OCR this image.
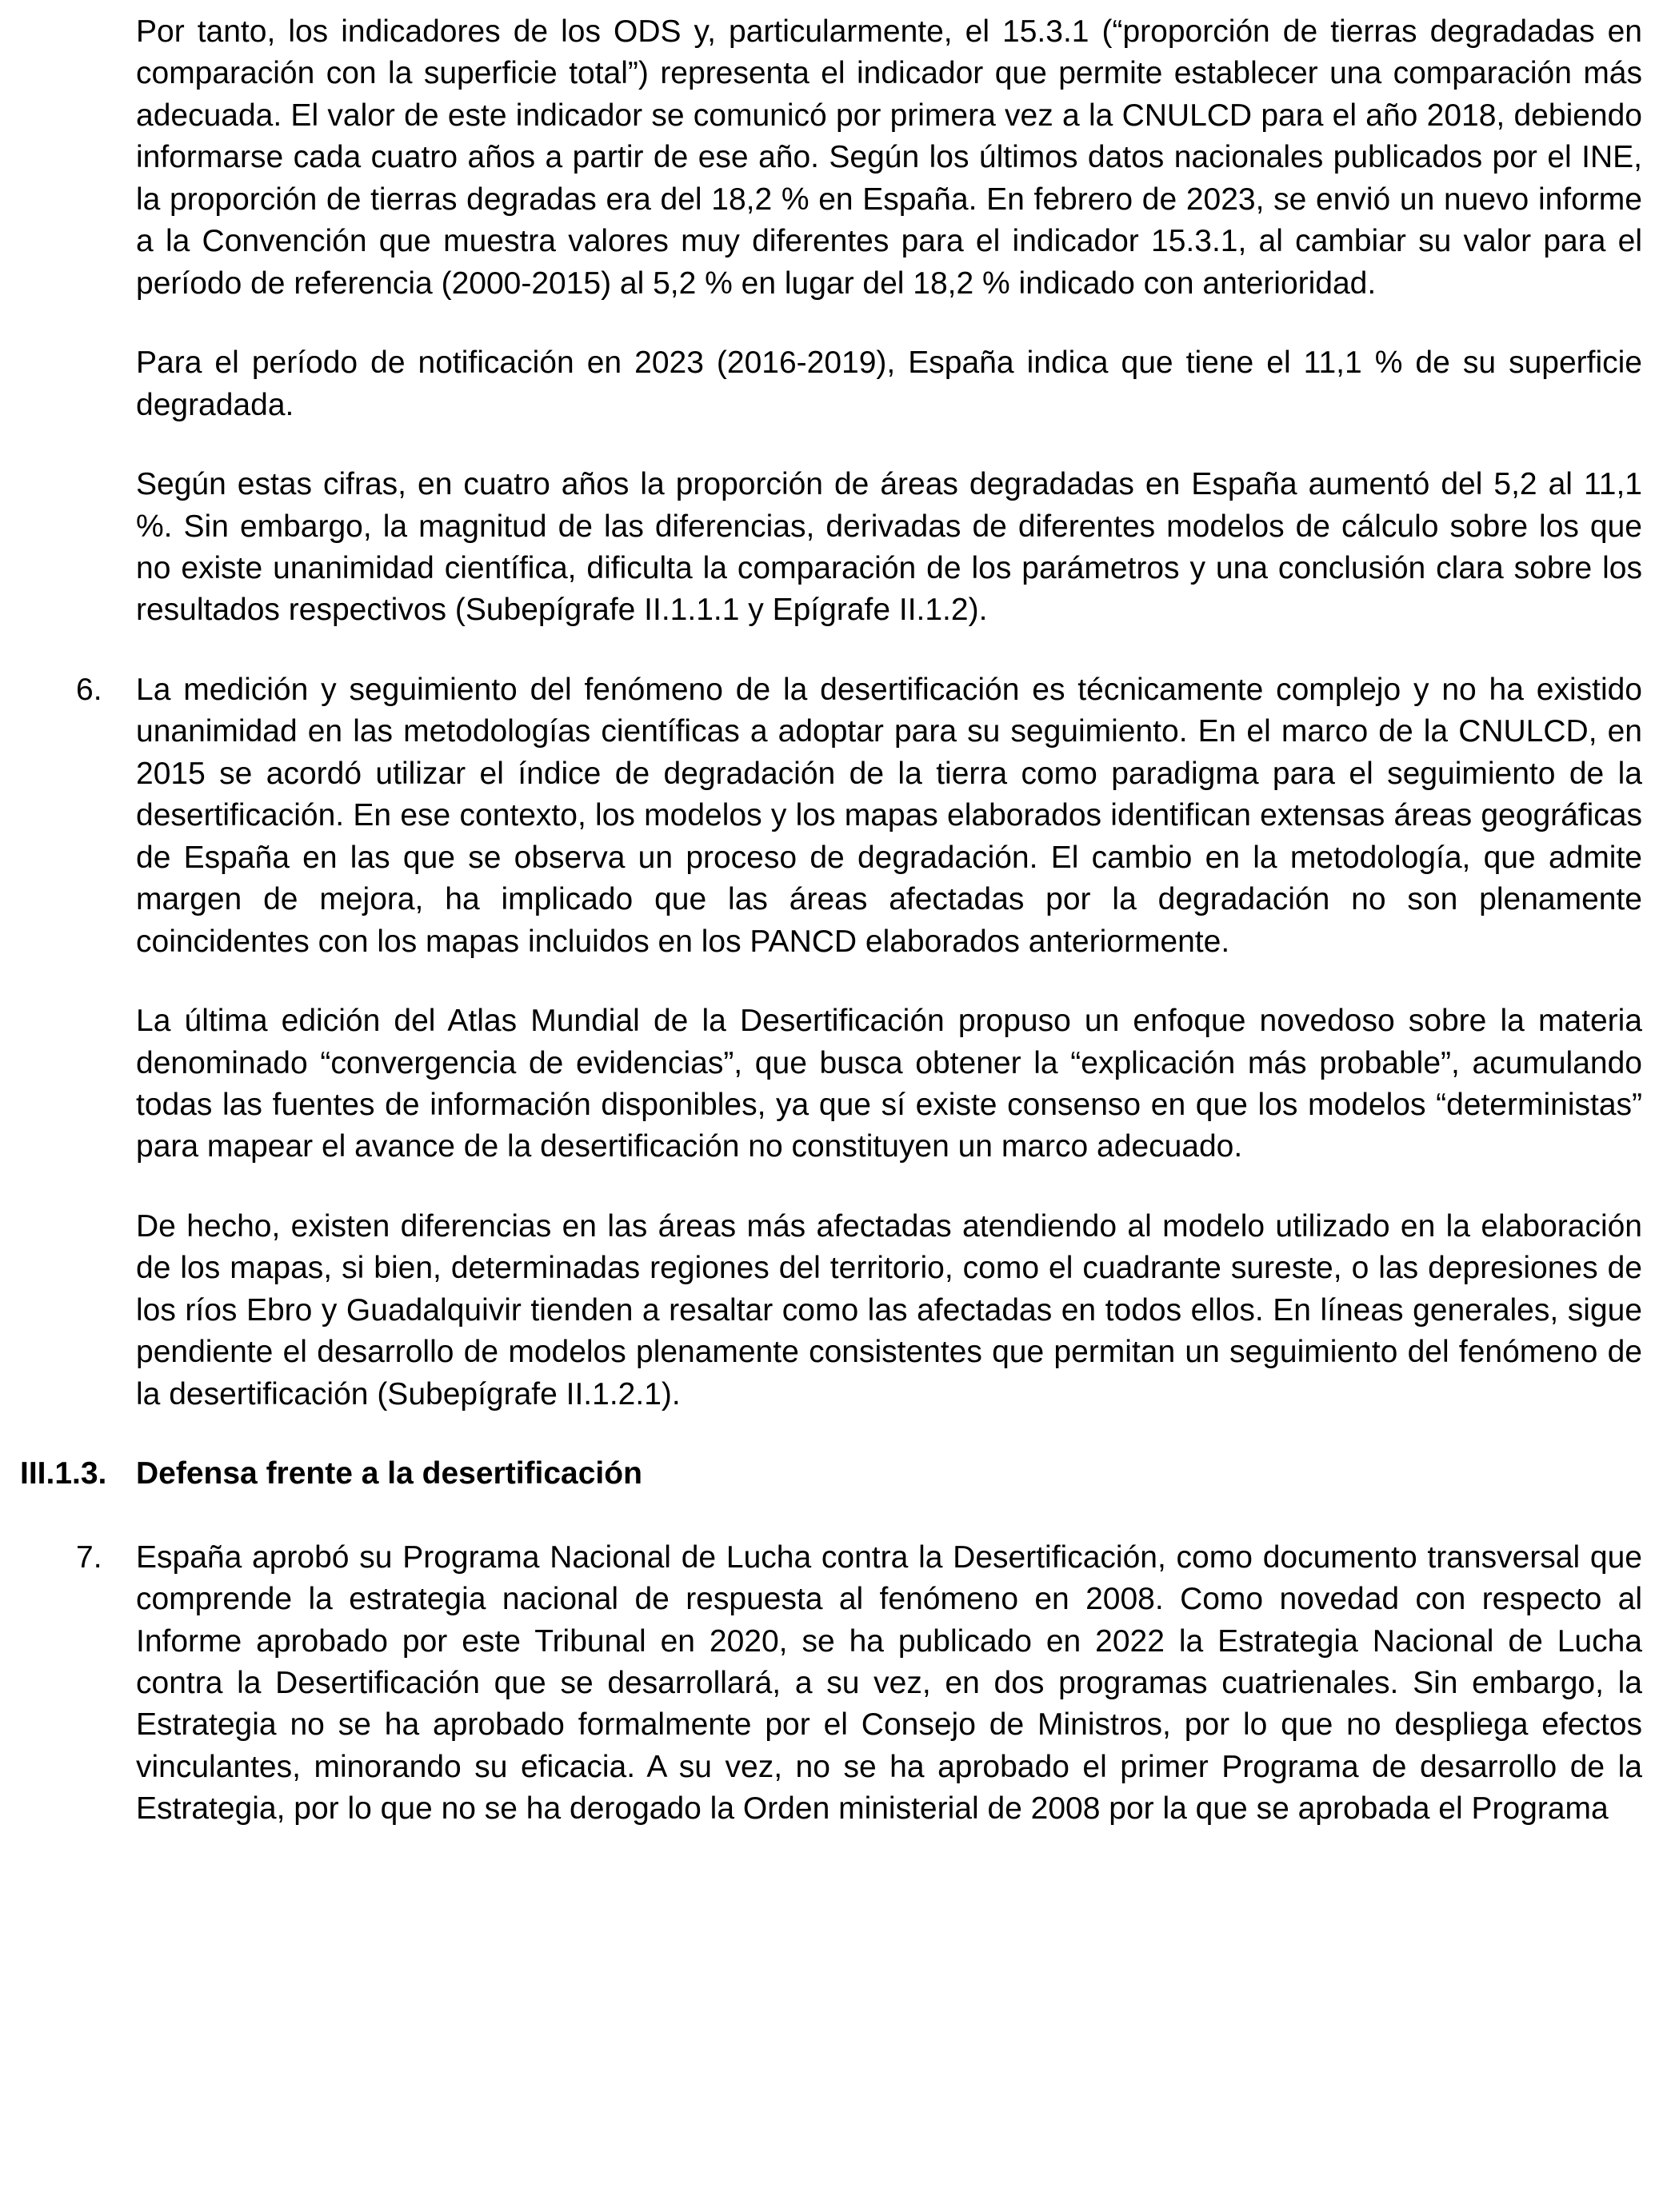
Por tanto, los indicadores de los ODS y, particularmente, el 15.3.1 (“proporción de tierras degradadas en comparación con la superficie total”) representa el indicador que permite establecer una comparación más adecuada. El valor de este indicador se comunicó por primera vez a la CNULCD para el año 2018, debiendo informarse cada cuatro años a partir de ese año. Según los últimos datos nacionales publicados por el INE, la proporción de tierras degradas era del 18,2 % en España. En febrero de 2023, se envió un nuevo informe a la Convención que muestra valores muy diferentes para el indicador 15.3.1, al cambiar su valor para el período de referencia (2000-2015) al 5,2 % en lugar del 18,2 % indicado con anterioridad.

Para el período de notificación en 2023 (2016-2019), España indica que tiene el 11,1 % de su superficie degradada.

Según estas cifras, en cuatro años la proporción de áreas degradadas en España aumentó del 5,2 al 11,1 %. Sin embargo, la magnitud de las diferencias, derivadas de diferentes modelos de cálculo sobre los que no existe unanimidad científica, dificulta la comparación de los parámetros y una conclusión clara sobre los resultados respectivos (Subepígrafe II.1.1.1 y Epígrafe II.1.2).

6.	La medición y seguimiento del fenómeno de la desertificación es técnicamente complejo y no ha existido unanimidad en las metodologías científicas a adoptar para su seguimiento. En el marco de la CNULCD, en 2015 se acordó utilizar el índice de degradación de la tierra como paradigma para el seguimiento de la desertificación. En ese contexto, los modelos y los mapas elaborados identifican extensas áreas geográficas de España en las que se observa un proceso de degradación. El cambio en la metodología, que admite margen de mejora, ha implicado que las áreas afectadas por la degradación no son plenamente coincidentes con los mapas incluidos en los PANCD elaborados anteriormente.

La última edición del Atlas Mundial de la Desertificación propuso un enfoque novedoso sobre la materia denominado “convergencia de evidencias”, que busca obtener la “explicación más probable”, acumulando todas las fuentes de información disponibles, ya que sí existe consenso en que los modelos “deterministas” para mapear el avance de la desertificación no constituyen un marco adecuado.

De hecho, existen diferencias en las áreas más afectadas atendiendo al modelo utilizado en la elaboración de los mapas, si bien, determinadas regiones del territorio, como el cuadrante sureste, o las depresiones de los ríos Ebro y Guadalquivir tienden a resaltar como las afectadas en todos ellos. En líneas generales, sigue pendiente el desarrollo de modelos plenamente consistentes que permitan un seguimiento del fenómeno de la desertificación (Subepígrafe II.1.2.1).

III.1.3. Defensa frente a la desertificación
7.	España aprobó su Programa Nacional de Lucha contra la Desertificación, como documento transversal que comprende la estrategia nacional de respuesta al fenómeno en 2008. Como novedad con respecto al Informe aprobado por este Tribunal en 2020, se ha publicado en 2022 la Estrategia Nacional de Lucha contra la Desertificación que se desarrollará, a su vez, en dos programas cuatrienales. Sin embargo, la Estrategia no se ha aprobado formalmente por el Consejo de Ministros, por lo que no despliega efectos vinculantes, minorando su eficacia. A su vez, no se ha aprobado el primer Programa de desarrollo de la Estrategia, por lo que no se ha derogado la Orden ministerial de 2008 por la que se aprobada el Programa
